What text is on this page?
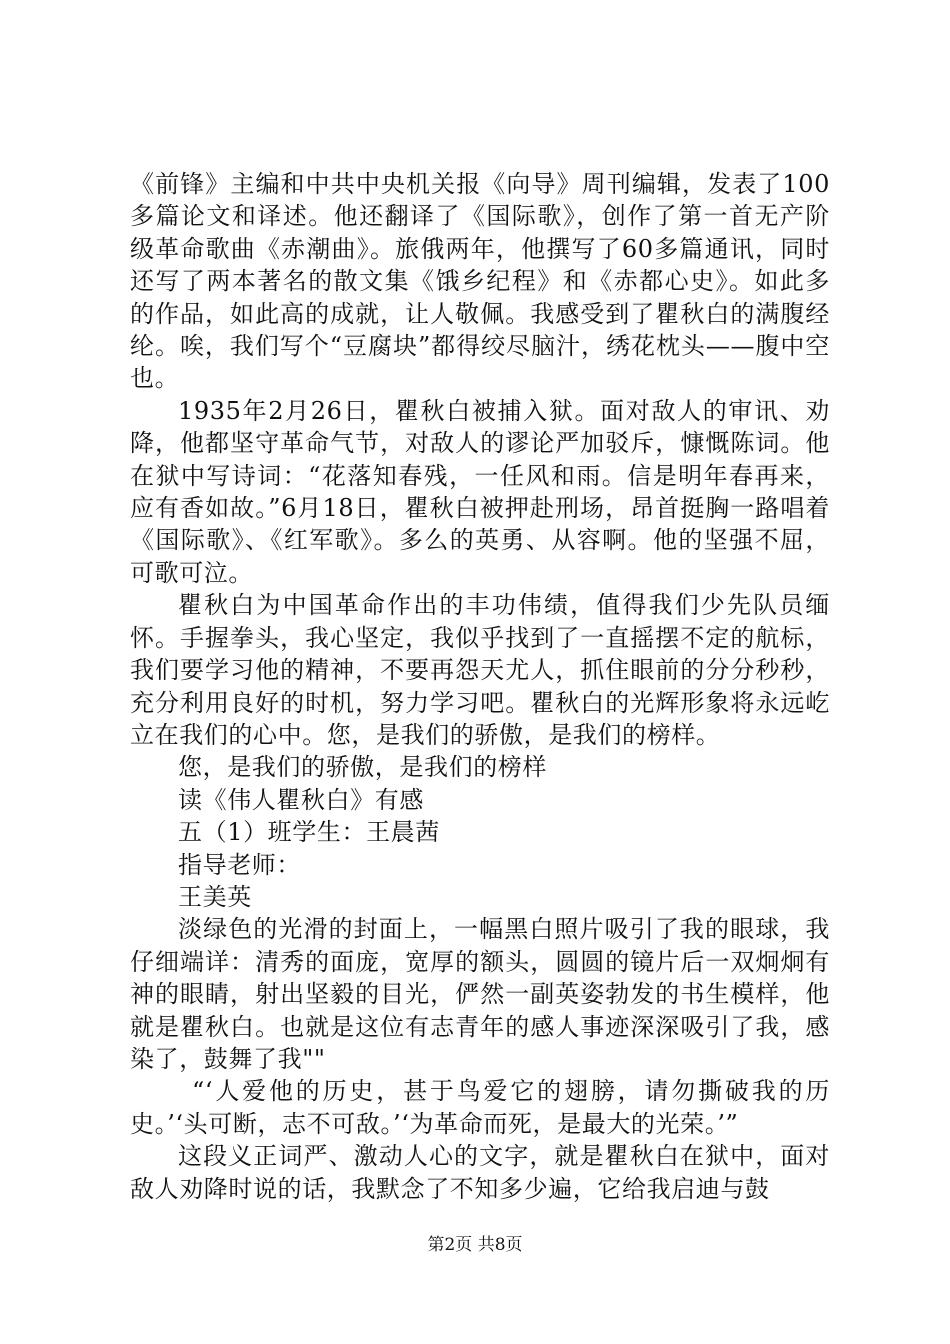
《前锋》主编和中共中央机关报《向导》周刊编辑，发表了100多篇论文和译述。他还翻译了《国际歌》，创作了第一首无产阶级革命歌曲《赤潮曲》。旅俄两年，他撰写了60多篇通讯，同时还写了两本著名的散文集《饿乡纪程》和《赤都心史》。如此多的作品，如此高的成就，让人敬佩。我感受到了瞿秋白的满腹经纶。唉，我们写个“豆腐块”都得绞尽脑汁，绣花枕头——腹中空也。

1935年2月26日，瞿秋白被捕入狱。面对敌人的审讯、劝降，他都坚守革命气节，对敌人的谬论严加驳斥，慷慨陈词。他在狱中写诗词：“花落知春残，一任风和雨。信是明年春再来，应有香如故。”6月18日，瞿秋白被押赴刑场，昂首挺胸一路唱着《国际歌》、《红军歌》。多么的英勇、从容啊。他的坚强不屈，可歌可泣。

瞿秋白为中国革命作出的丰功伟绩，值得我们少先队员缅怀。手握拳头，我心坚定，我似乎找到了一直摇摆不定的航标，我们要学习他的精神，不要再怨天尤人，抓住眼前的分分秒秒，充分利用良好的时机，努力学习吧。瞿秋白的光辉形象将永远屹立在我们的心中。您，是我们的骄傲，是我们的榜样。

您，是我们的骄傲，是我们的榜样

读《伟人瞿秋白》有感

五（1）班学生：王晨茜

指导老师：

王美英

淡绿色的光滑的封面上，一幅黑白照片吸引了我的眼球，我仔细端详：清秀的面庞，宽厚的额头，圆圆的镜片后一双炯炯有神的眼睛，射出坚毅的目光，俨然一副英姿勃发的书生模样，他就是瞿秋白。也就是这位有志青年的感人事迹深深吸引了我，感染了，鼓舞了我""

“‘人爱他的历史，甚于鸟爱它的翅膀，请勿撕破我的历史。’‘头可断，志不可敌。’‘为革命而死，是最大的光荣。’”

这段义正词严、激动人心的文字，就是瞿秋白在狱中，面对敌人劝降时说的话，我默念了不知多少遍，它给我启迪与鼓

第2页 共8页
